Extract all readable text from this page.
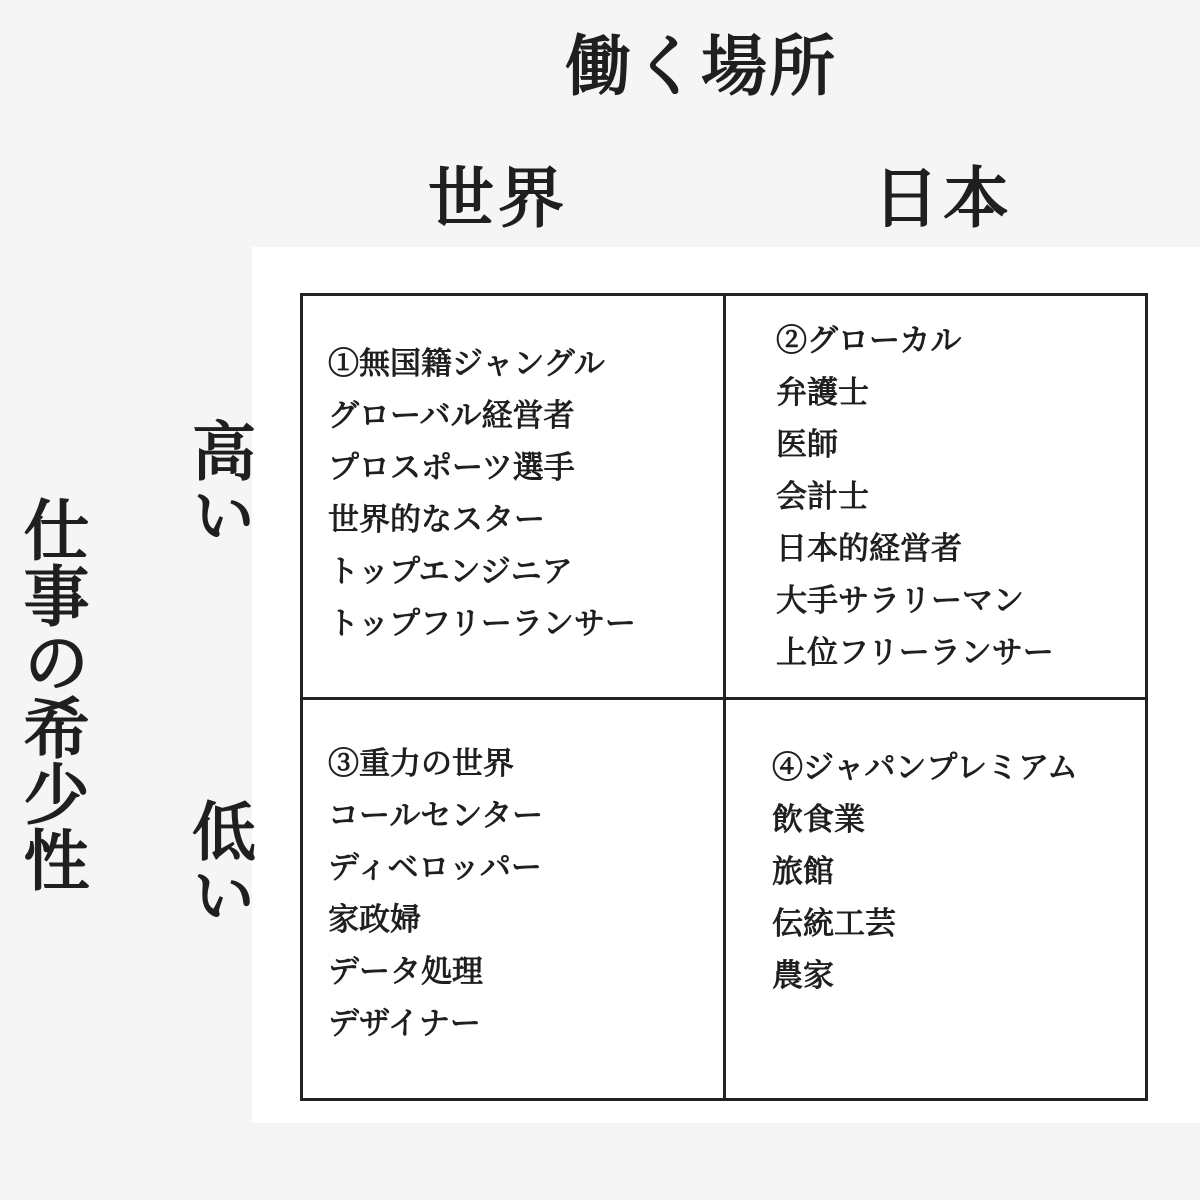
働く場所
世界	日本
仕事の希少性
高い
低い
①無国籍ジャングル
グローバル経営者
プロスポーツ選手
世界的なスター
トップエンジニア
トップフリーランサー
②グローカル
弁護士
医師
会計士
日本的経営者
大手サラリーマン
上位フリーランサー
③重力の世界
コールセンター
ディベロッパー
家政婦
データ処理
デザイナー
④ジャパンプレミアム
飲食業
旅館
伝統工芸
農家
